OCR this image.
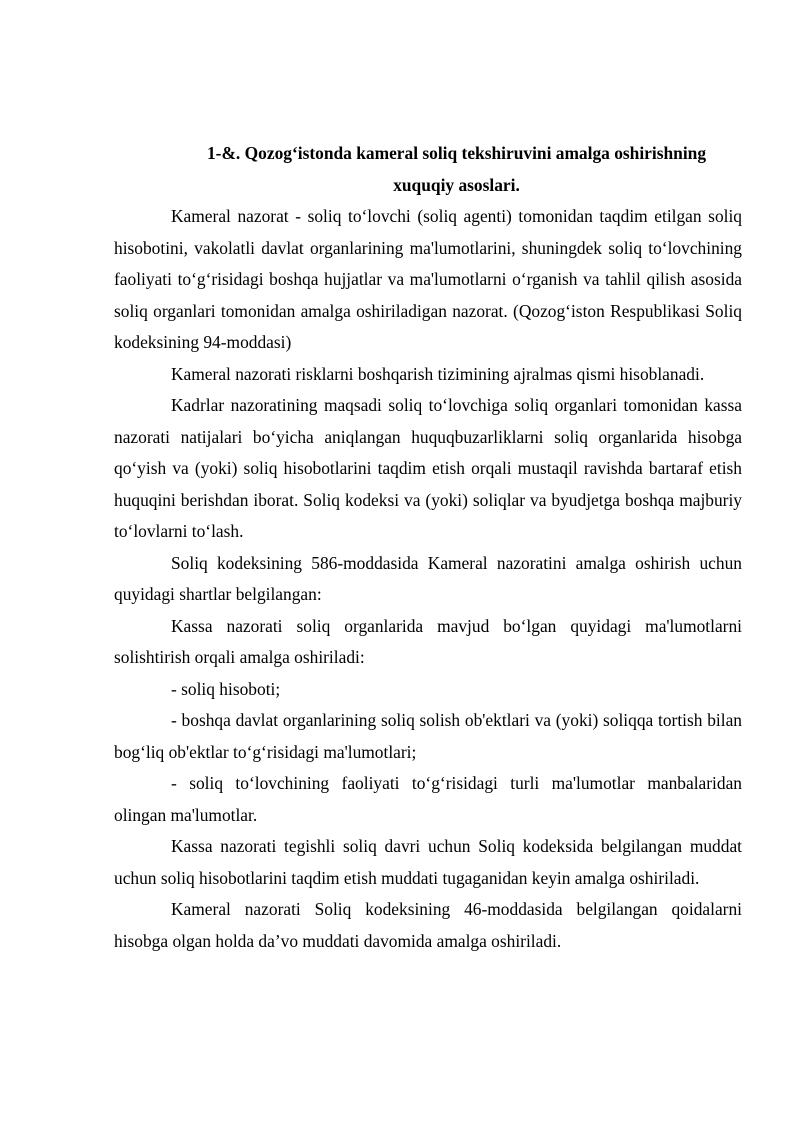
1-&. Qozog‘istonda kameral soliq tekshiruvini amalga oshirishning
xuquqiy asoslari.

Kameral nazorat - soliq to‘lovchi (soliq agenti) tomonidan taqdim etilgan soliq hisobotini, vakolatli davlat organlarining ma'lumotlarini, shuningdek soliq to‘lovchining faoliyati to‘g‘risidagi boshqa hujjatlar va ma'lumotlarni o‘rganish va tahlil qilish asosida soliq organlari tomonidan amalga oshiriladigan nazorat. (Qozog‘iston Respublikasi Soliq kodeksining 94-moddasi)

Kameral nazorati risklarni boshqarish tizimining ajralmas qismi hisoblanadi.

Kadrlar nazoratining maqsadi soliq to‘lovchiga soliq organlari tomonidan kassa nazorati natijalari bo‘yicha aniqlangan huquqbuzarliklarni soliq organlarida hisobga qo‘yish va (yoki) soliq hisobotlarini taqdim etish orqali mustaqil ravishda bartaraf etish huquqini berishdan iborat. Soliq kodeksi va (yoki) soliqlar va byudjetga boshqa majburiy to‘lovlarni to‘lash.

Soliq kodeksining 586-moddasida Kameral nazoratini amalga oshirish uchun quyidagi shartlar belgilangan:

Kassa nazorati soliq organlarida mavjud bo‘lgan quyidagi ma'lumotlarni solishtirish orqali amalga oshiriladi:

- soliq hisoboti;

- boshqa davlat organlarining soliq solish ob'ektlari va (yoki) soliqqa tortish bilan bog‘liq ob'ektlar to‘g‘risidagi ma'lumotlari;

- soliq to‘lovchining faoliyati to‘g‘risidagi turli ma'lumotlar manbalaridan olingan ma'lumotlar.

Kassa nazorati tegishli soliq davri uchun Soliq kodeksida belgilangan muddat uchun soliq hisobotlarini taqdim etish muddati tugaganidan keyin amalga oshiriladi.

Kameral nazorati Soliq kodeksining 46-moddasida belgilangan qoidalarni hisobga olgan holda da’vo muddati davomida amalga oshiriladi.
